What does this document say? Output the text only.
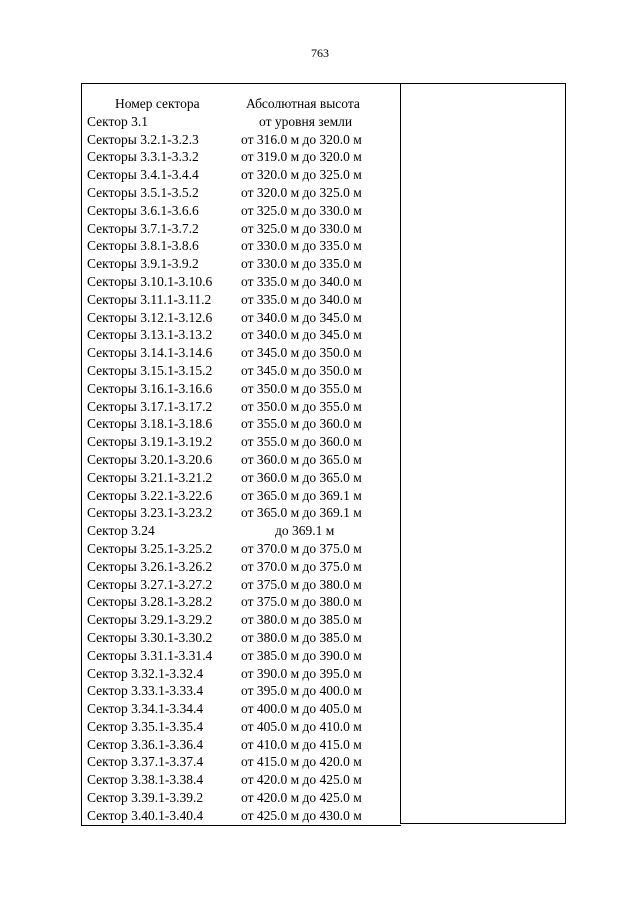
763
Номер сектора	Абсолютная высота
Сектор 3.1	от уровня земли
Секторы 3.2.1-3.2.3	от 316.0 м до 320.0 м
Секторы 3.3.1-3.3.2	от 319.0 м до 320.0 м
Секторы 3.4.1-3.4.4	от 320.0 м до 325.0 м
Секторы 3.5.1-3.5.2	от 320.0 м до 325.0 м
Секторы 3.6.1-3.6.6	от 325.0 м до 330.0 м
Секторы 3.7.1-3.7.2	от 325.0 м до 330.0 м
Секторы 3.8.1-3.8.6	от 330.0 м до 335.0 м
Секторы 3.9.1-3.9.2	от 330.0 м до 335.0 м
Секторы 3.10.1-3.10.6 от 335.0 м до 340.0 м
Секторы 3.11.1-3.11.2 от 335.0 м до 340.0 м
Секторы 3.12.1-3.12.6 от 340.0 м до 345.0 м
Секторы 3.13.1-3.13.2 от 340.0 м до 345.0 м
Секторы 3.14.1-3.14.6 от 345.0 м до 350.0 м
Секторы 3.15.1-3.15.2 от 345.0 м до 350.0 м
Секторы 3.16.1-3.16.6 от 350.0 м до 355.0 м
Секторы 3.17.1-3.17.2 от 350.0 м до 355.0 м
Секторы 3.18.1-3.18.6 от 355.0 м до 360.0 м
Секторы 3.19.1-3.19.2 от 355.0 м до 360.0 м
Секторы 3.20.1-3.20.6 от 360.0 м до 365.0 м
Секторы 3.21.1-3.21.2 от 360.0 м до 365.0 м
Секторы 3.22.1-3.22.6 от 365.0 м до 369.1 м
Секторы 3.23.1-3.23.2 от 365.0 м до 369.1 м
Сектор 3.24	до 369.1 м
Секторы 3.25.1-3.25.2 от 370.0 м до 375.0 м
Секторы 3.26.1-3.26.2 от 370.0 м до 375.0 м
Секторы 3.27.1-3.27.2 от 375.0 м до 380.0 м
Секторы 3.28.1-3.28.2 от 375.0 м до 380.0 м
Секторы 3.29.1-3.29.2 от 380.0 м до 385.0 м
Секторы 3.30.1-3.30.2 от 380.0 м до 385.0 м
Секторы 3.31.1-3.31.4 от 385.0 м до 390.0 м
Сектор 3.32.1-3.32.4	от 390.0 м до 395.0 м
Сектор 3.33.1-3.33.4	от 395.0 м до 400.0 м
Сектор 3.34.1-3.34.4	от 400.0 м до 405.0 м
Сектор 3.35.1-3.35.4	от 405.0 м до 410.0 м
Сектор 3.36.1-3.36.4	от 410.0 м до 415.0 м
Сектор 3.37.1-3.37.4	от 415.0 м до 420.0 м
Сектор 3.38.1-3.38.4	от 420.0 м до 425.0 м
Сектор 3.39.1-3.39.2	от 420.0 м до 425.0 м
Сектор 3.40.1-3.40.4	от 425.0 м до 430.0 м
